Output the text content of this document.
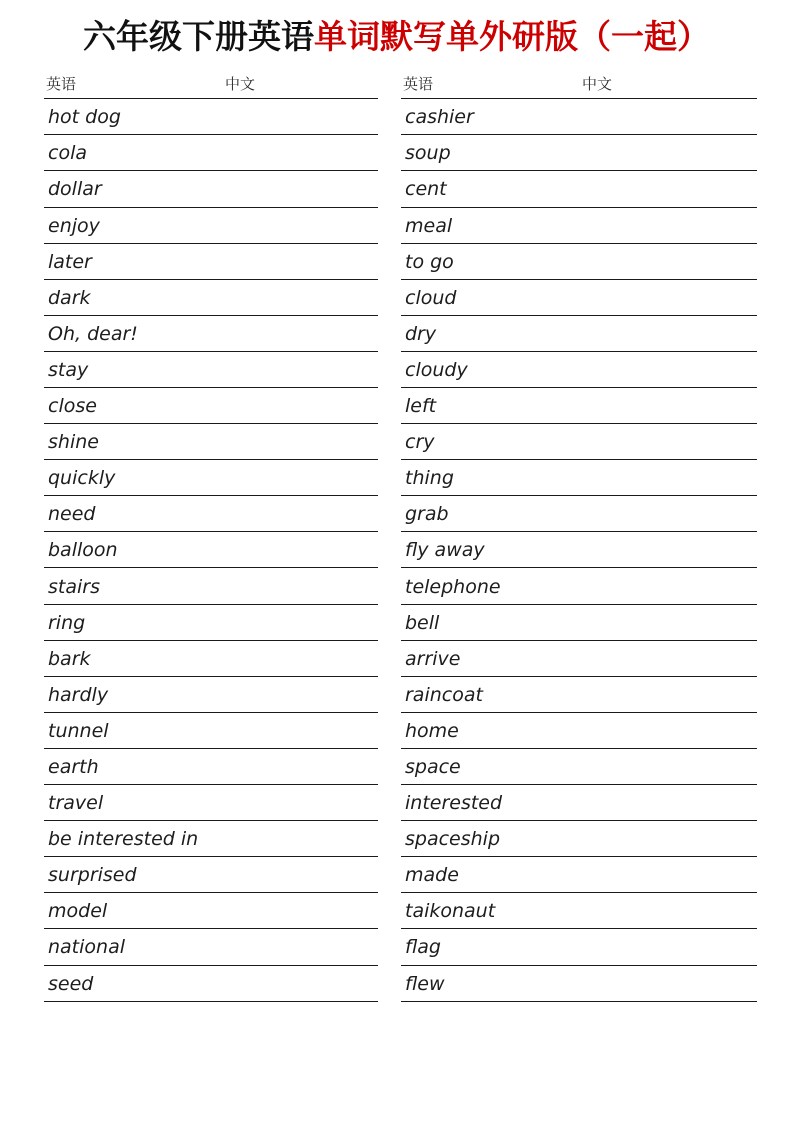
六年级下册英语单词默写单外研版（一起）
英语	中文
hot dog
cola
dollar
enjoy
later
dark
Oh, dear!
stay
close
shine
quickly
need
balloon
stairs
ring
bark
hardly
tunnel
earth
travel
be interested in
surprised
model
national
seed
英语	中文
cashier
soup
cent
meal
to go
cloud
dry
cloudy
left
cry
thing
grab
fly away
telephone
bell
arrive
raincoat
home
space
interested
spaceship
made
taikonaut
flag
flew
